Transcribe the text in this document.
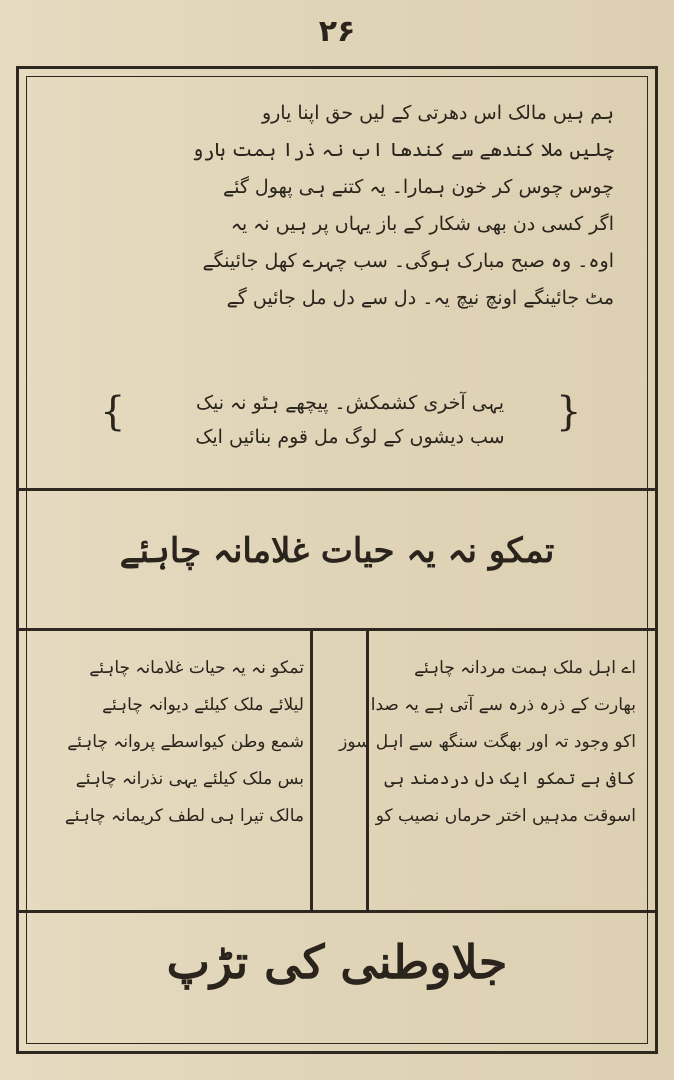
۲۶
ہم ہیں مالک اس دھرتی کے لیں حق اپنا یارو
چلیں ملا کندھے سے کندھا اب نہ ذرا ہمت ہارو
چوس چوس کر خون ہمارا۔ یہ کتنے ہی پھول گئے
اگر کسی دن بھی شکار کے باز یہاں پر ہیں نہ یہ
اوہ۔ وہ صبح مبارک ہوگی۔ سب چہرے کھل جائینگے
مٹ جائینگے اونچ نیچ یہ۔ دل سے دل مل جائیں گے
{	}
یہی آخری کشمکش۔ پیچھے ہٹو نہ نیک
سب دیشوں کے لوگ مل قوم بنائیں ایک
تمکو نہ یہ حیات غلامانہ چاہئے
اے اہل ملک ہمت مردانہ چاہئے
بھارت کے ذرہ ذرہ سے آتی ہے یہ صدا
اکو وجود تہ اور بھگت سنگھ سے اہل سوز
کافی ہے تمکو ایک دل دردمند ہی
اسوقت مدہیں اختر حرماں نصیب کو
تمکو نہ یہ حیات غلامانہ چاہئے
لیلائے ملک کیلئے دیوانہ چاہئے
شمع وطن کیواسطے پروانہ چاہئے
بس ملک کیلئے یہی نذرانہ چاہئے
مالک تیرا ہی لطف کریمانہ چاہئے
جلاوطنی کی تڑپ
